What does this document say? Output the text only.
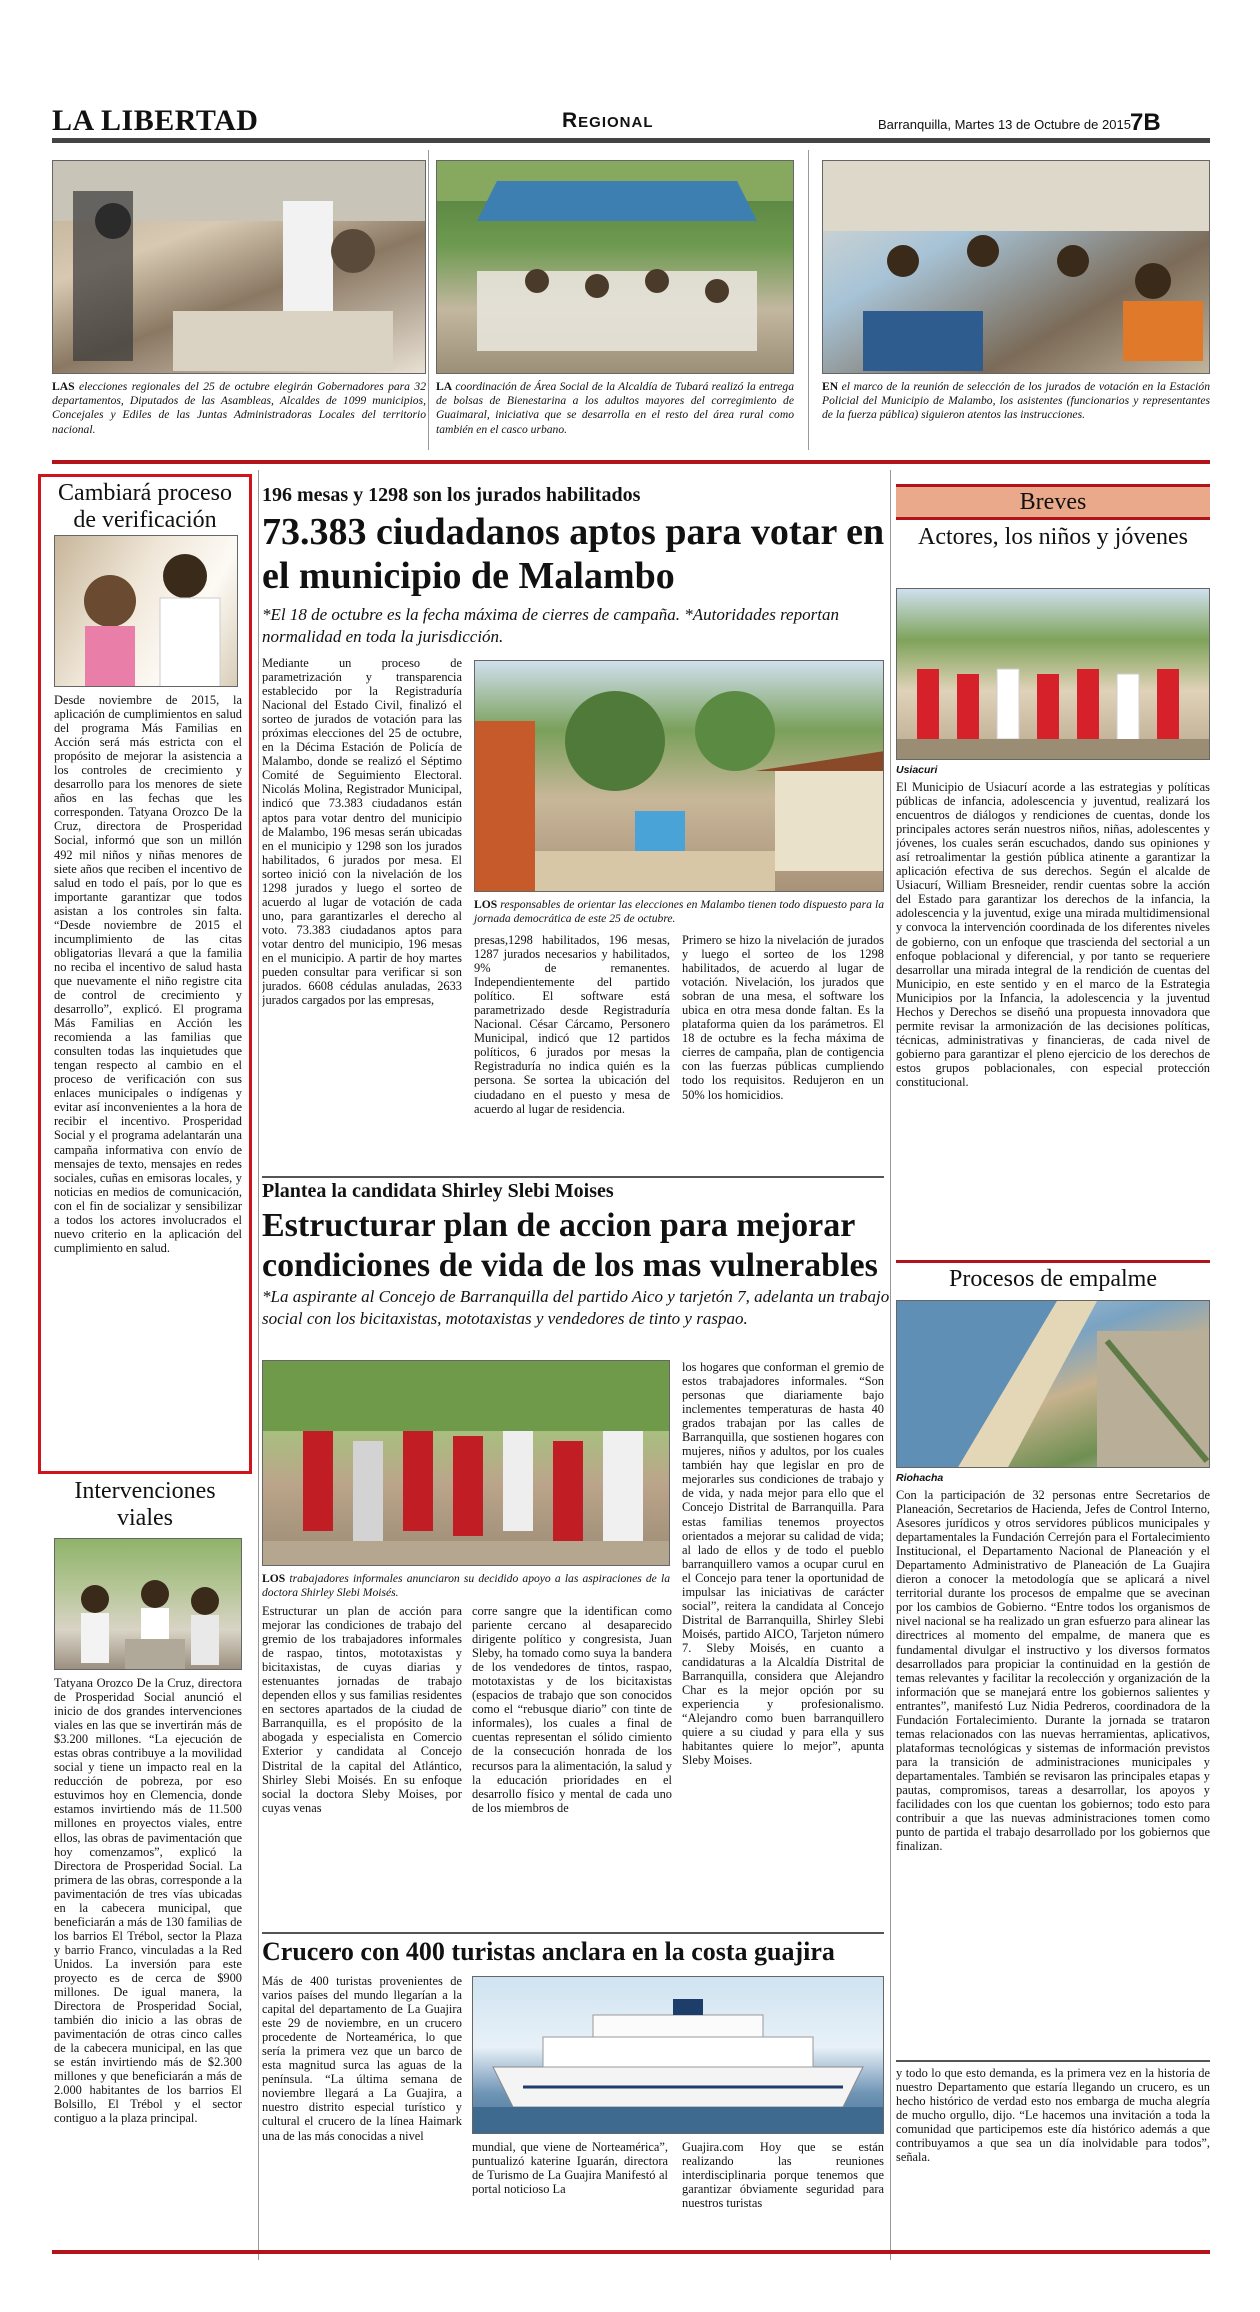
LA LIBERTAD	Regional	Barranquilla, Martes 13 de Octubre de 2015 7B
LAS elecciones regionales del 25 de octubre elegirán Gobernadores para 32 departamentos, Diputados de las Asambleas, Alcaldes de 1099 municipios, Concejales y Ediles de las Juntas Administradoras Locales del territorio nacional.
LA coordinación de Área Social de la Alcaldía de Tubará realizó la entrega de bolsas de Bienestarina a los adultos mayores del corregimiento de Guaimaral, iniciativa que se desarrolla en el resto del área rural como también en el casco urbano.
EN el marco de la reunión de selección de los jurados de votación en la Estación Policial del Municipio de Malambo, los asistentes (funcionarios y representantes de la fuerza pública) siguieron atentos las instrucciones.
Cambiará proceso de verificación
Desde noviembre de 2015, la aplicación de cumplimientos en salud del programa Más Familias en Acción será más estricta con el propósito de mejorar la asistencia a los controles de crecimiento y desarrollo para los menores de siete años en las fechas que les corresponden. Tatyana Orozco De la Cruz, directora de Prosperidad Social, informó que son un millón 492 mil niños y niñas menores de siete años que reciben el incentivo de salud en todo el país, por lo que es importante garantizar que todos asistan a los controles sin falta. “Desde noviembre de 2015 el incumplimiento de las citas obligatorias llevará a que la familia no reciba el incentivo de salud hasta que nuevamente el niño registre cita de control de crecimiento y desarrollo”, explicó. El programa Más Familias en Acción les recomienda a las familias que consulten todas las inquietudes que tengan respecto al cambio en el proceso de verificación con sus enlaces municipales o indígenas y evitar así inconvenientes a la hora de recibir el incentivo. Prosperidad Social y el programa adelantarán una campaña informativa con envío de mensajes de texto, mensajes en redes sociales, cuñas en emisoras locales, y noticias en medios de comunicación, con el fin de socializar y sensibilizar a todos los actores involucrados el nuevo criterio en la aplicación del cumplimiento en salud.
Intervenciones viales
Tatyana Orozco De la Cruz, directora de Prosperidad Social anunció el inicio de dos grandes intervenciones viales en las que se invertirán más de $3.200 millones. “La ejecución de estas obras contribuye a la movilidad social y tiene un impacto real en la reducción de pobreza, por eso estuvimos hoy en Clemencia, donde estamos invirtiendo más de 11.500 millones en proyectos viales, entre ellos, las obras de pavimentación que hoy comenzamos”, explicó la Directora de Prosperidad Social. La primera de las obras, corresponde a la pavimentación de tres vías ubicadas en la cabecera municipal, que beneficiarán a más de 130 familias de los barrios El Trébol, sector la Plaza y barrio Franco, vinculadas a la Red Unidos. La inversión para este proyecto es de cerca de $900 millones. De igual manera, la Directora de Prosperidad Social, también dio inicio a las obras de pavimentación de otras cinco calles de la cabecera municipal, en las que se están invirtiendo más de $2.300 millones y que beneficiarán a más de 2.000 habitantes de los barrios El Bolsillo, El Trébol y el sector contiguo a la plaza principal.
196 mesas y 1298 son los jurados habilitados
73.383 ciudadanos aptos para votar en el municipio de Malambo
*El 18 de octubre es la fecha máxima de cierres de campaña. *Autoridades reportan normalidad en toda la jurisdicción.
Mediante un proceso de parametrización y transparencia establecido por la Registraduría Nacional del Estado Civil, finalizó el sorteo de jurados de votación para las próximas elecciones del 25 de octubre, en la Décima Estación de Policía de Malambo, donde se realizó el Séptimo Comité de Seguimiento Electoral. Nicolás Molina, Registrador Municipal, indicó que 73.383 ciudadanos están aptos para votar dentro del municipio de Malambo, 196 mesas serán ubicadas en el municipio y 1298 son los jurados habilitados, 6 jurados por mesa. El sorteo inició con la nivelación de los 1298 jurados y luego el sorteo de acuerdo al lugar de votación de cada uno, para garantizarles el derecho al voto. 73.383 ciudadanos aptos para votar dentro del municipio, 196 mesas en el municipio. A partir de hoy martes pueden consultar para verificar si son jurados. 6608 cédulas anuladas, 2633 jurados cargados por las empresas,
LOS responsables de orientar las elecciones en Malambo tienen todo dispuesto para la jornada democrática de este 25 de octubre.
presas,1298 habilitados, 196 mesas, 1287 jurados necesarios y habilitados, 9% de remanentes. Independientemente del partido político. El software está parametrizado desde Registraduría Nacional. César Cárcamo, Personero Municipal, indicó que 12 partidos políticos, 6 jurados por mesas la Registraduría no indica quién es la persona. Se sortea la ubicación del ciudadano en el puesto y mesa de acuerdo al lugar de residencia.
Primero se hizo la nivelación de jurados y luego el sorteo de los 1298 habilitados, de acuerdo al lugar de votación. Nivelación, los jurados que sobran de una mesa, el software los ubica en otra mesa donde faltan. Es la plataforma quien da los parámetros. El 18 de octubre es la fecha máxima de cierres de campaña, plan de contigencia con las fuerzas públicas cumpliendo todo los requisitos. Redujeron en un 50% los homicidios.
Plantea la candidata Shirley Slebi Moises
Estructurar plan de accion para mejorar condiciones de vida de los mas vulnerables
*La aspirante al Concejo de Barranquilla del partido Aico y tarjetón 7, adelanta un trabajo social con los bicitaxistas, mototaxistas y vendedores de tinto y raspao.
LOS trabajadores informales anunciaron su decidido apoyo a las aspiraciones de la doctora Shirley Slebi Moisés.
Estructurar un plan de acción para mejorar las condiciones de trabajo del gremio de los trabajadores informales de raspao, tintos, mototaxistas y bicitaxistas, de cuyas diarias y estenuantes jornadas de trabajo dependen ellos y sus familias residentes en sectores apartados de la ciudad de Barranquilla, es el propósito de la abogada y especialista en Comercio Exterior y candidata al Concejo Distrital de la capital del Atlántico, Shirley Slebi Moisés. En su enfoque social la doctora Sleby Moises, por cuyas venas
corre sangre que la identifican como pariente cercano al desaparecido dirigente político y congresista, Juan Sleby, ha tomado como suya la bandera de los vendedores de tintos, raspao, mototaxistas y de los bicitaxistas (espacios de trabajo que son conocidos como el “rebusque diario” con tinte de informales), los cuales a final de cuentas representan el sólido cimiento de la consecución honrada de los recursos para la alimentación, la salud y la educación prioridades en el desarrollo físico y mental de cada uno de los miembros de
los hogares que conforman el gremio de estos trabajadores informales. “Son personas que diariamente bajo inclementes temperaturas de hasta 40 grados trabajan por las calles de Barranquilla, que sostienen hogares con mujeres, niños y adultos, por los cuales también hay que legislar en pro de mejorarles sus condiciones de trabajo y de vida, y nada mejor para ello que el Concejo Distrital de Barranquilla. Para estas familias tenemos proyectos orientados a mejorar su calidad de vida; al lado de ellos y de todo el pueblo barranquillero vamos a ocupar curul en el Concejo para tener la oportunidad de impulsar las iniciativas de carácter social”, reitera la candidata al Concejo Distrital de Barranquilla, Shirley Slebi Moisés, partido AICO, Tarjeton número 7. Sleby Moisés, en cuanto a candidaturas a la Alcaldía Distrital de Barranquilla, considera que Alejandro Char es la mejor opción por su experiencia y profesionalismo. “Alejandro como buen barranquillero quiere a su ciudad y para ella y sus habitantes quiere lo mejor”, apunta Sleby Moises.
Crucero con 400 turistas anclara en la costa guajira
Más de 400 turistas provenientes de varios países del mundo llegarían a la capital del departamento de La Guajira este 29 de noviembre, en un crucero procedente de Norteamérica, lo que sería la primera vez que un barco de esta magnitud surca las aguas de la península. “La última semana de noviembre llegará a La Guajira, a nuestro distrito especial turístico y cultural el crucero de la línea Haimark una de las más conocidas a nivel
mundial, que viene de Norteamérica”, puntualizó katerine Iguarán, directora de Turismo de La Guajira Manifestó al portal noticioso La
Guajira.com Hoy que se están realizando las reuniones interdisciplinaria porque tenemos que garantizar óbviamente seguridad para nuestros turistas
Breves
Actores, los niños y jóvenes
Usiacuri
El Municipio de Usiacurí acorde a las estrategias y políticas públicas de infancia, adolescencia y juventud, realizará los encuentros de diálogos y rendiciones de cuentas, donde los principales actores serán nuestros niños, niñas, adolescentes y jóvenes, los cuales serán escuchados, dando sus opiniones y así retroalimentar la gestión pública atinente a garantizar la aplicación efectiva de sus derechos. Según el alcalde de Usiacurí, William Bresneider, rendir cuentas sobre la acción del Estado para garantizar los derechos de la infancia, la adolescencia y la juventud, exige una mirada multidimensional y convoca la intervención coordinada de los diferentes niveles de gobierno, con un enfoque que trascienda del sectorial a un enfoque poblacional y diferencial, y por tanto se requeriere desarrollar una mirada integral de la rendición de cuentas del Municipio, en este sentido y en el marco de la Estrategia Municipios por la Infancia, la adolescencia y la juventud Hechos y Derechos se diseñó una propuesta innovadora que permite revisar la armonización de las decisiones políticas, técnicas, administrativas y financieras, de cada nivel de gobierno para garantizar el pleno ejercicio de los derechos de estos grupos poblacionales, con especial protección constitucional.
Procesos de empalme
Riohacha
Con la participación de 32 personas entre Secretarios de Planeación, Secretarios de Hacienda, Jefes de Control Interno, Asesores jurídicos y otros servidores públicos municipales y departamentales la Fundación Cerrejón para el Fortalecimiento Institucional, el Departamento Nacional de Planeación y el Departamento Administrativo de Planeación de La Guajira dieron a conocer la metodología que se aplicará a nivel territorial durante los procesos de empalme que se avecinan por los cambios de Gobierno. “Entre todos los organismos de nivel nacional se ha realizado un gran esfuerzo para alinear las directrices al momento del empalme, de manera que es fundamental divulgar el instructivo y los diversos formatos desarrollados para propiciar la continuidad en la gestión de temas relevantes y facilitar la recolección y organización de la información que se manejará entre los gobiernos salientes y entrantes”, manifestó Luz Nidia Pedreros, coordinadora de la Fundación Fortalecimiento. Durante la jornada se trataron temas relacionados con las nuevas herramientas, aplicativos, plataformas tecnológicas y sistemas de información previstos para la transición de administraciones municipales y departamentales. También se revisaron las principales etapas y pautas, compromisos, tareas a desarrollar, los apoyos y facilidades con los que cuentan los gobiernos; todo esto para contribuir a que las nuevas administraciones tomen como punto de partida el trabajo desarrollado por los gobiernos que finalizan.
y todo lo que esto demanda, es la primera vez en la historia de nuestro Departamento que estaría llegando un crucero, es un hecho histórico de verdad esto nos embarga de mucha alegría de mucho orgullo, dijo. “Le hacemos una invitación a toda la comunidad que participemos este día histórico además a que contribuyamos a que sea un día inolvidable para todos”, señala.
